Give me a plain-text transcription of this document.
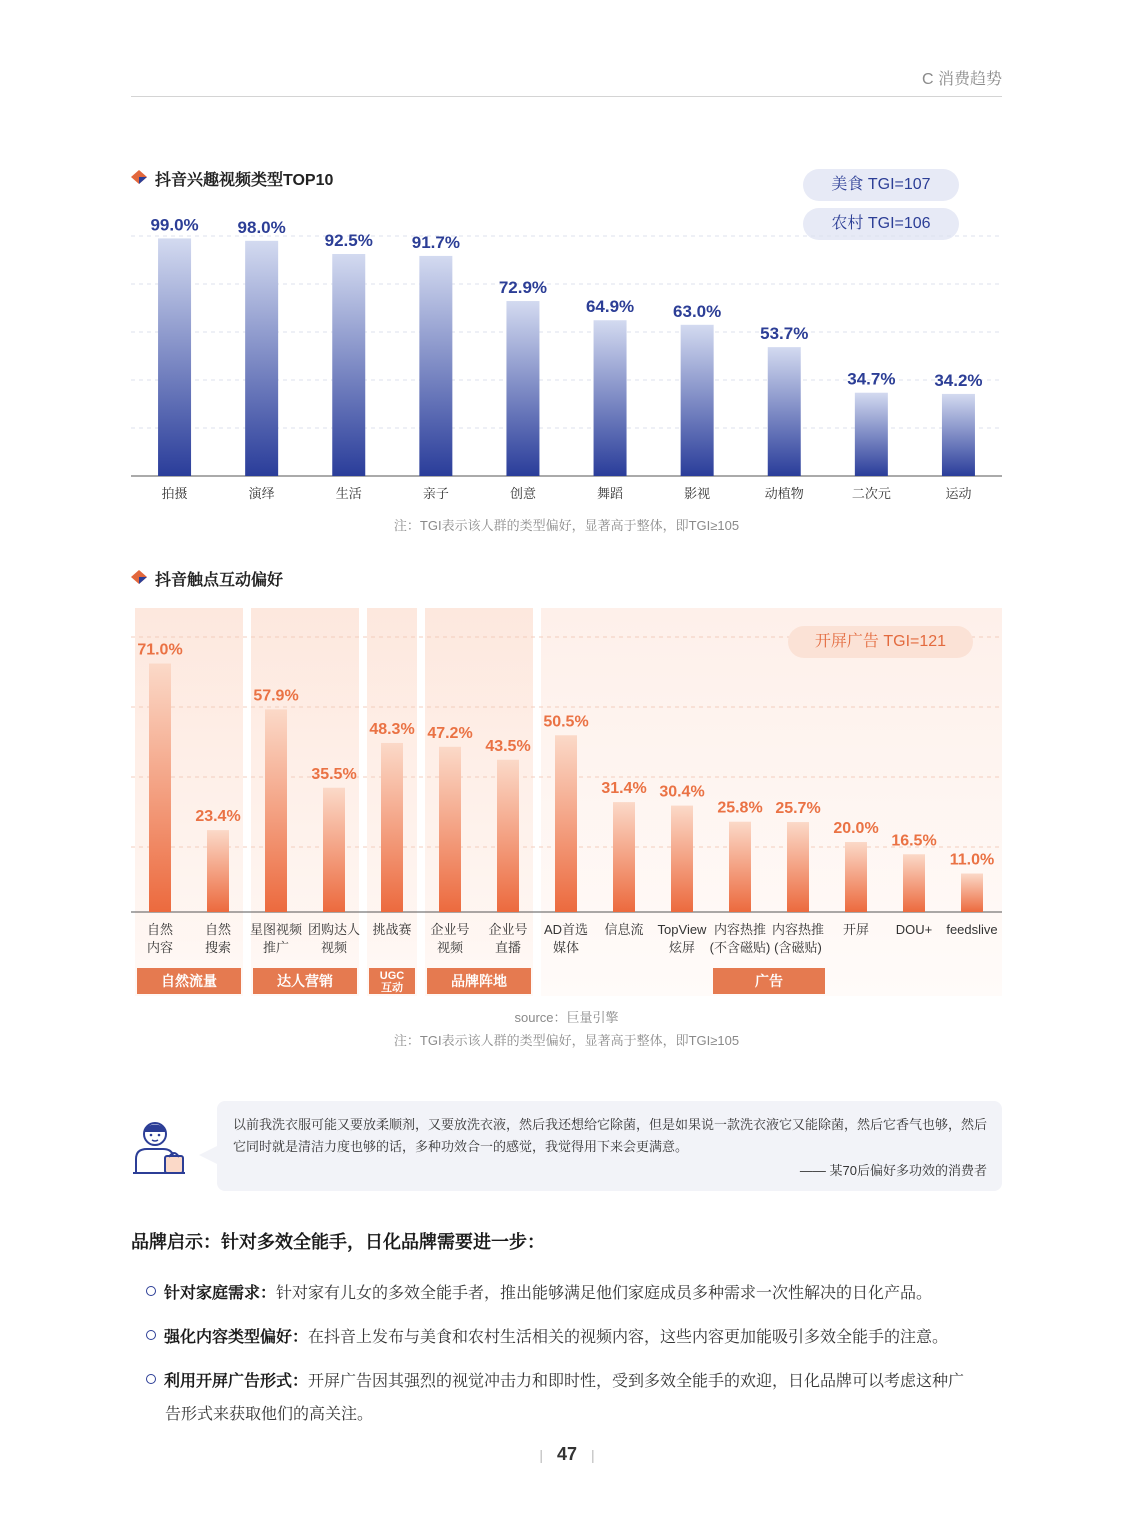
C 消费趋势
抖音兴趣视频类型TOP10	美食 TGI=107
农村 TGI=106
99.0%
拍摄
98.0%
演绎
92.5%
生活
91.7%
亲子
72.9%
创意
64.9%
舞蹈
63.0%
影视
53.7%
动植物
34.7%
二次元
34.2%
运动
注：TGI表示该人群的类型偏好，显著高于整体，即TGI≥105
抖音触点互动偏好
71.0%
自然
内容
23.4%
自然
搜索
57.9%
星图视频
推广
35.5%
团购达人
视频
48.3%
挑战赛
47.2%
企业号
视频
43.5%
企业号
直播
50.5%
AD首选
媒体
31.4%
信息流
30.4%
TopView
炫屏
25.8%
内容热推
(不含磁贴)
25.7%
内容热推
(含磁贴)
20.0%
开屏
16.5%
DOU+
11.0%
feedslive
自然流量	达人营销	UGC
互动	品牌阵地	广告
开屏广告 TGI=121
source：巨量引擎
注：TGI表示该人群的类型偏好，显著高于整体，即TGI≥105
以前我洗衣服可能又要放柔顺剂，又要放洗衣液，然后我还想给它除菌，但是如果说一款洗衣液它又能除菌，然后它香气也够，然后它同时就是清洁力度也够的话，多种功效合一的感觉，我觉得用下来会更满意。
—— 某70后偏好多功效的消费者
品牌启示：针对多效全能手，日化品牌需要进一步：
针对家庭需求：针对家有儿女的多效全能手者，推出能够满足他们家庭成员多种需求一次性解决的日化产品。
强化内容类型偏好：在抖音上发布与美食和农村生活相关的视频内容，这些内容更加能吸引多效全能手的注意。
利用开屏广告形式：开屏广告因其强烈的视觉冲击力和即时性，受到多效全能手的欢迎，日化品牌可以考虑这种广
告形式来获取他们的高关注。
| 47 |
